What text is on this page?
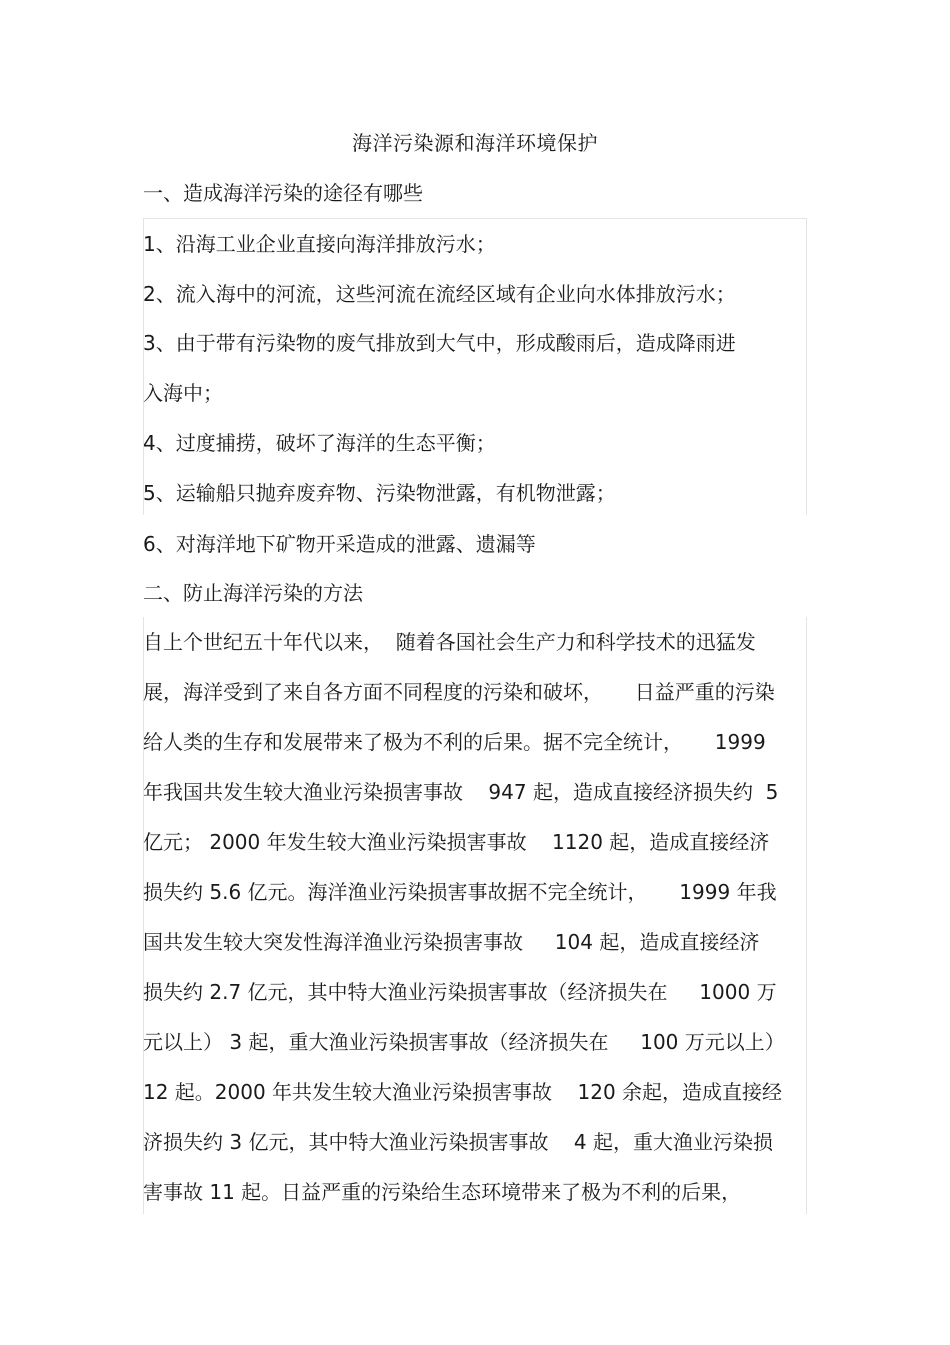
海洋污染源和海洋环境保护
一、造成海洋污染的途径有哪些
1、沿海工业企业直接向海洋排放污水；
2、流入海中的河流，这些河流在流经区域有企业向水体排放污水；
3、由于带有污染物的废气排放到大气中，形成酸雨后，造成降雨进
入海中；
4、过度捕捞，破坏了海洋的生态平衡；
5、运输船只抛弃废弃物、污染物泄露，有机物泄露；
6、对海洋地下矿物开采造成的泄露、遗漏等
二、防止海洋污染的方法
自上个世纪五十年代以来，  随着各国社会生产力和科学技术的迅猛发
展，海洋受到了来自各方面不同程度的污染和破坏，     日益严重的污染
给人类的生存和发展带来了极为不利的后果。据不完全统计，     1999
年我国共发生较大渔业污染损害事故    947 起，造成直接经济损失约  5
亿元； 2000 年发生较大渔业污染损害事故    1120 起，造成直接经济
损失约 5.6 亿元。海洋渔业污染损害事故据不完全统计，     1999 年我
国共发生较大突发性海洋渔业污染损害事故     104 起，造成直接经济
损失约 2.7 亿元，其中特大渔业污染损害事故（经济损失在     1000 万
元以上） 3 起，重大渔业污染损害事故（经济损失在     100 万元以上）
12 起。2000 年共发生较大渔业污染损害事故    120 余起，造成直接经
济损失约 3 亿元，其中特大渔业污染损害事故    4 起，重大渔业污染损
害事故 11 起。日益严重的污染给生态环境带来了极为不利的后果，
